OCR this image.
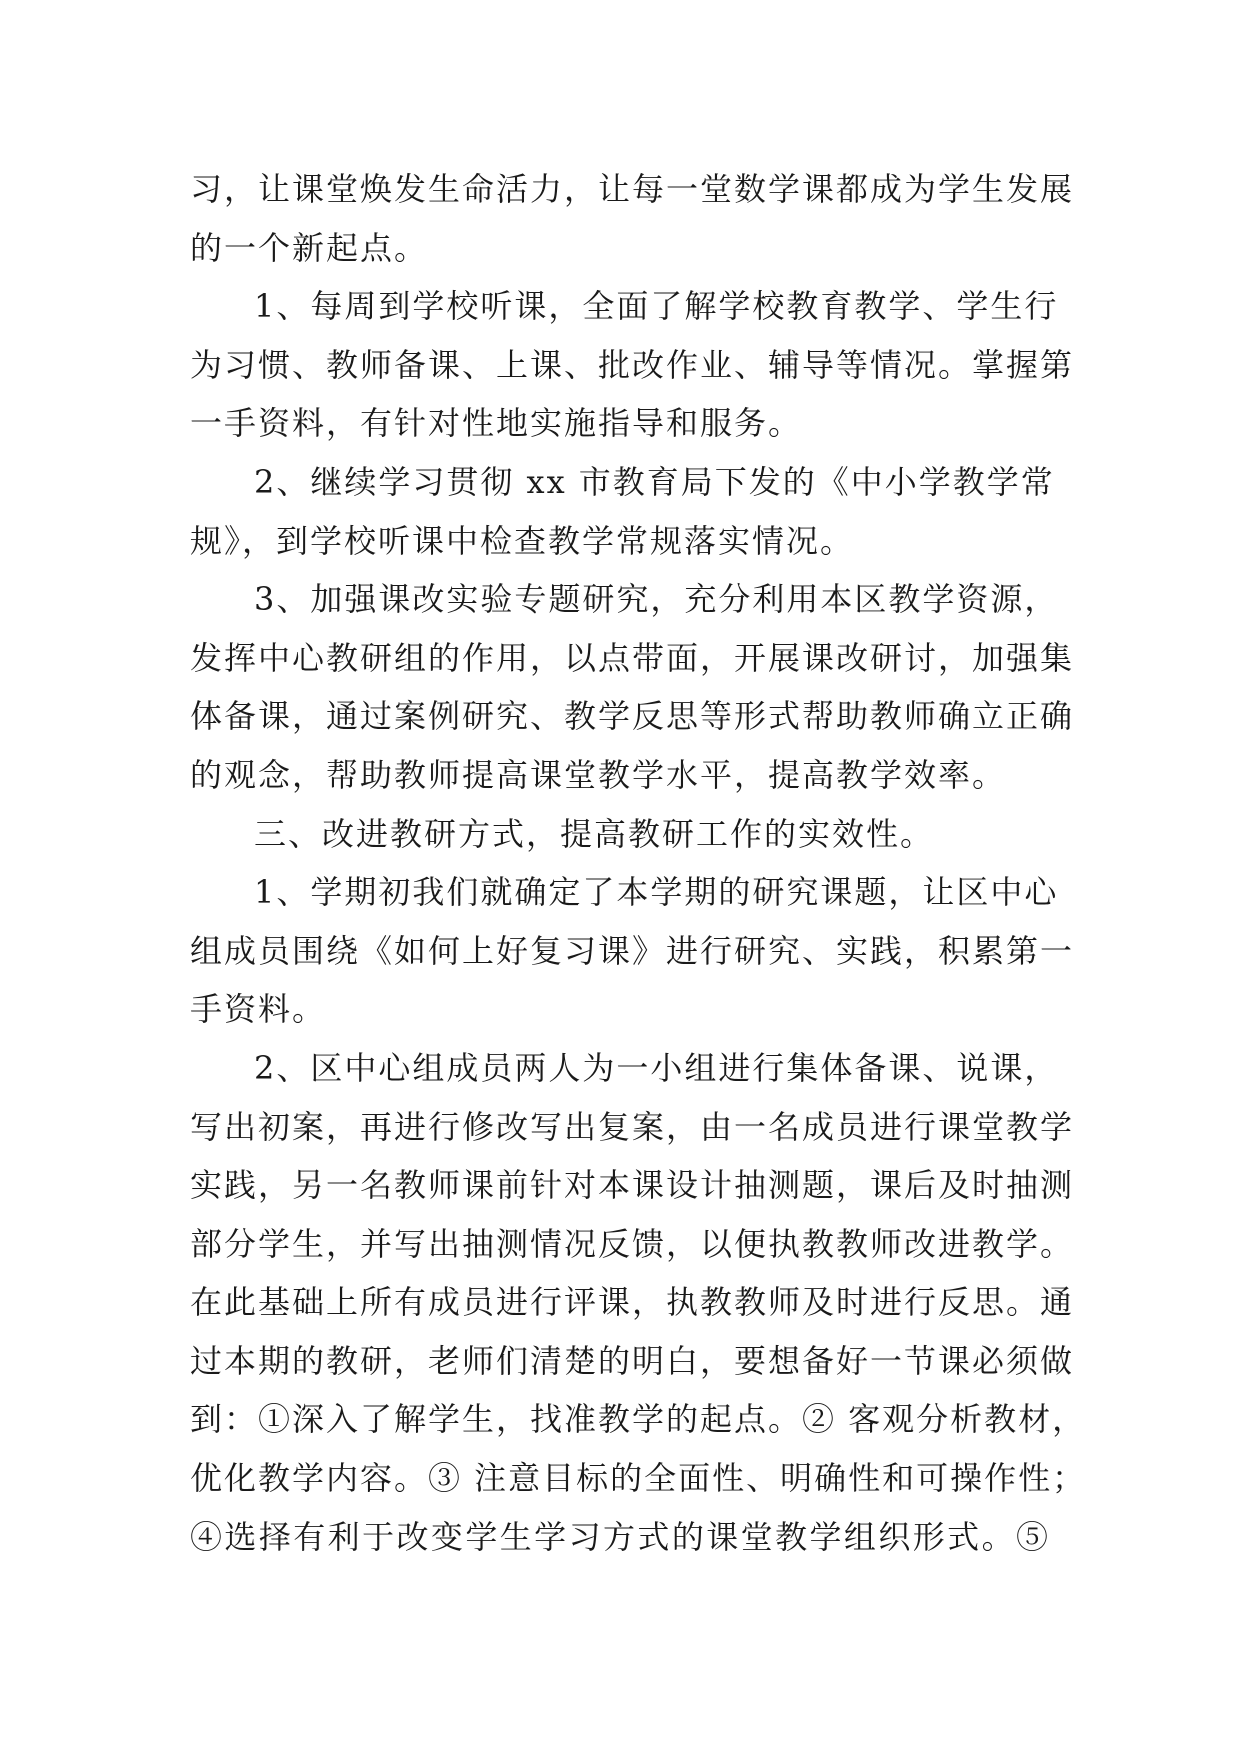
习，让课堂焕发生命活力，让每一堂数学课都成为学生发展
的一个新起点。
1、每周到学校听课，全面了解学校教育教学、学生行
为习惯、教师备课、上课、批改作业、辅导等情况。掌握第
一手资料，有针对性地实施指导和服务。
2、继续学习贯彻 xx 市教育局下发的《中小学教学常
规》，到学校听课中检查教学常规落实情况。
3、加强课改实验专题研究，充分利用本区教学资源，
发挥中心教研组的作用，以点带面，开展课改研讨，加强集
体备课，通过案例研究、教学反思等形式帮助教师确立正确
的观念，帮助教师提高课堂教学水平，提高教学效率。
三、改进教研方式，提高教研工作的实效性。
1、学期初我们就确定了本学期的研究课题，让区中心
组成员围绕《如何上好复习课》进行研究、实践，积累第一
手资料。
2、区中心组成员两人为一小组进行集体备课、说课，
写出初案，再进行修改写出复案，由一名成员进行课堂教学
实践，另一名教师课前针对本课设计抽测题，课后及时抽测
部分学生，并写出抽测情况反馈，以便执教教师改进教学。
在此基础上所有成员进行评课，执教教师及时进行反思。通
过本期的教研，老师们清楚的明白，要想备好一节课必须做
到：①深入了解学生，找准教学的起点。② 客观分析教材，
优化教学内容。③ 注意目标的全面性、明确性和可操作性；
④选择有利于改变学生学习方式的课堂教学组织形式。⑤
